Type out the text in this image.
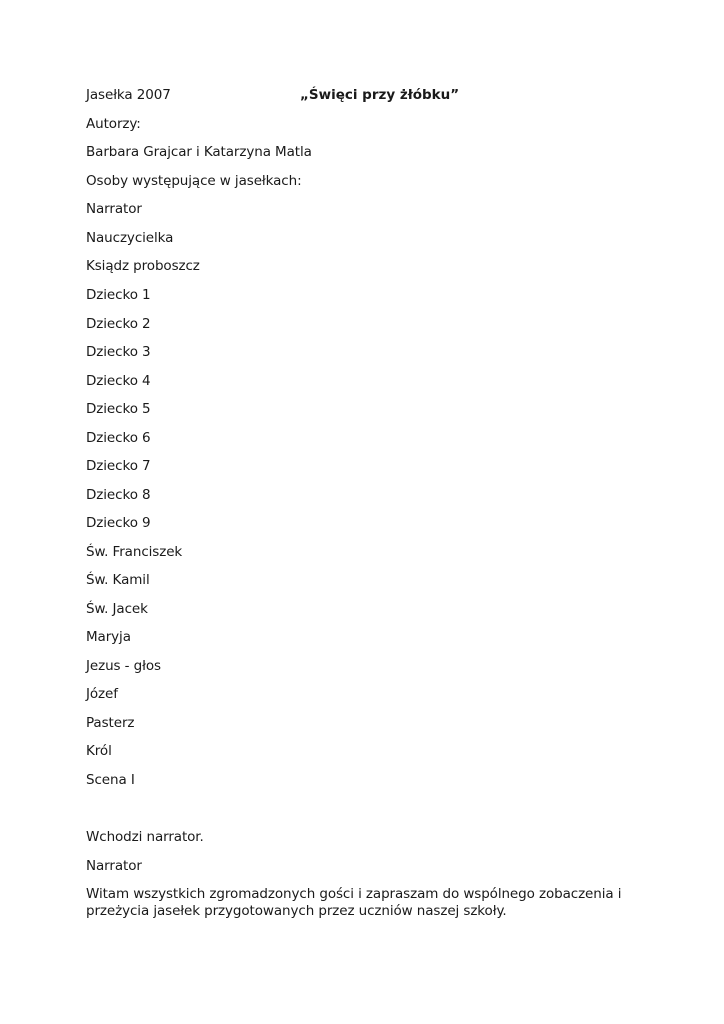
Jasełka 2007	„Święci przy żłóbku”
Autorzy:
Barbara Grajcar i Katarzyna Matla
Osoby występujące w jasełkach:
Narrator
Nauczycielka
Ksiądz proboszcz
Dziecko 1
Dziecko 2
Dziecko 3
Dziecko 4
Dziecko 5
Dziecko 6
Dziecko 7
Dziecko 8
Dziecko 9
Św. Franciszek
Św. Kamil
Św. Jacek
Maryja
Jezus - głos
Józef
Pasterz
Król
Scena I
Wchodzi narrator.
Narrator
Witam wszystkich zgromadzonych gości i zapraszam do wspólnego zobaczenia i przeżycia jasełek przygotowanych przez uczniów naszej szkoły.
